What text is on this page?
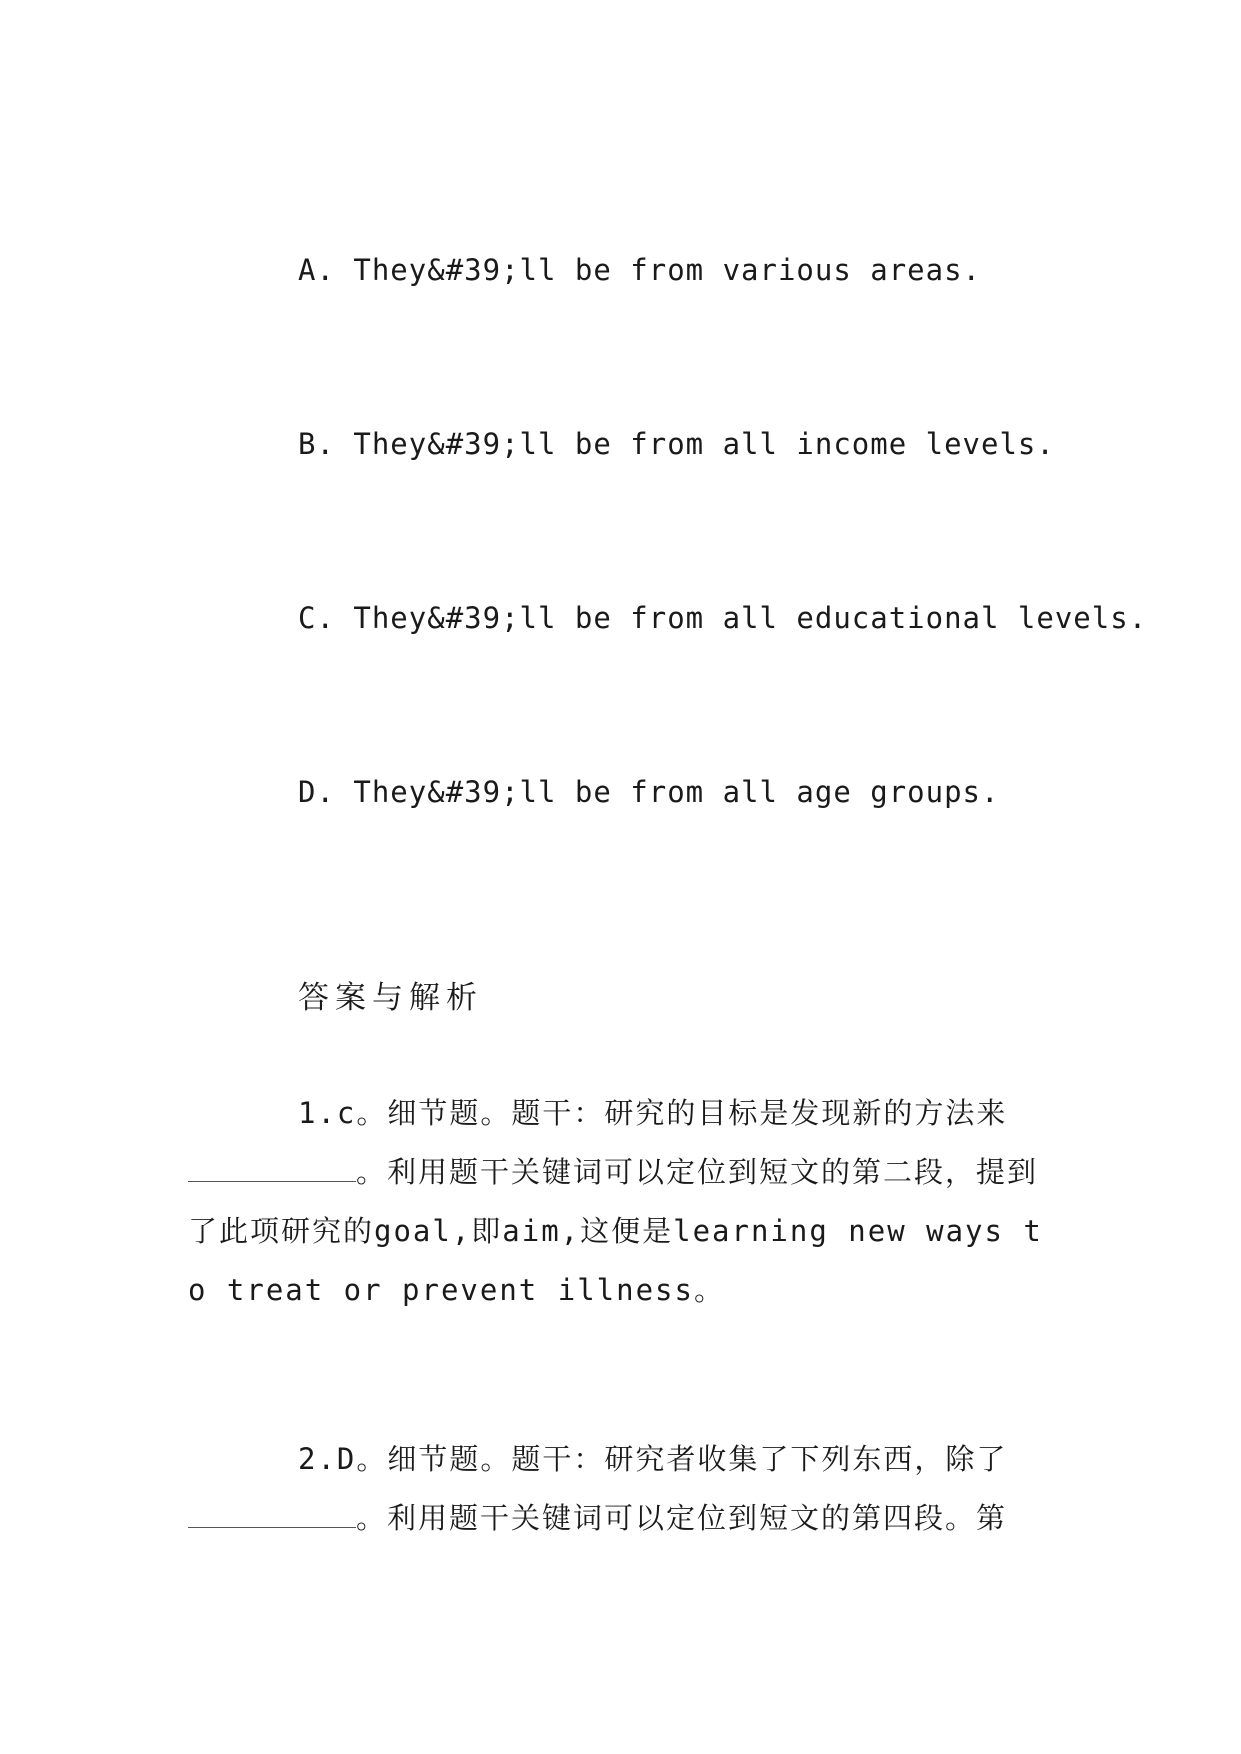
A. They&#39;ll be from various areas.
B. They&#39;ll be from all income levels.
C. They&#39;ll be from all educational levels.
D. They&#39;ll be from all age groups.
答案与解析
1.c。细节题。题干：研究的目标是发现新的方法来。利用题干关键词可以定位到短文的第二段，提到了此项研究的goal,即aim,这便是learning new ways to treat or prevent illness。
2.D。细节题。题干：研究者收集了下列东西，除了。利用题干关键词可以定位到短文的第四段。第
